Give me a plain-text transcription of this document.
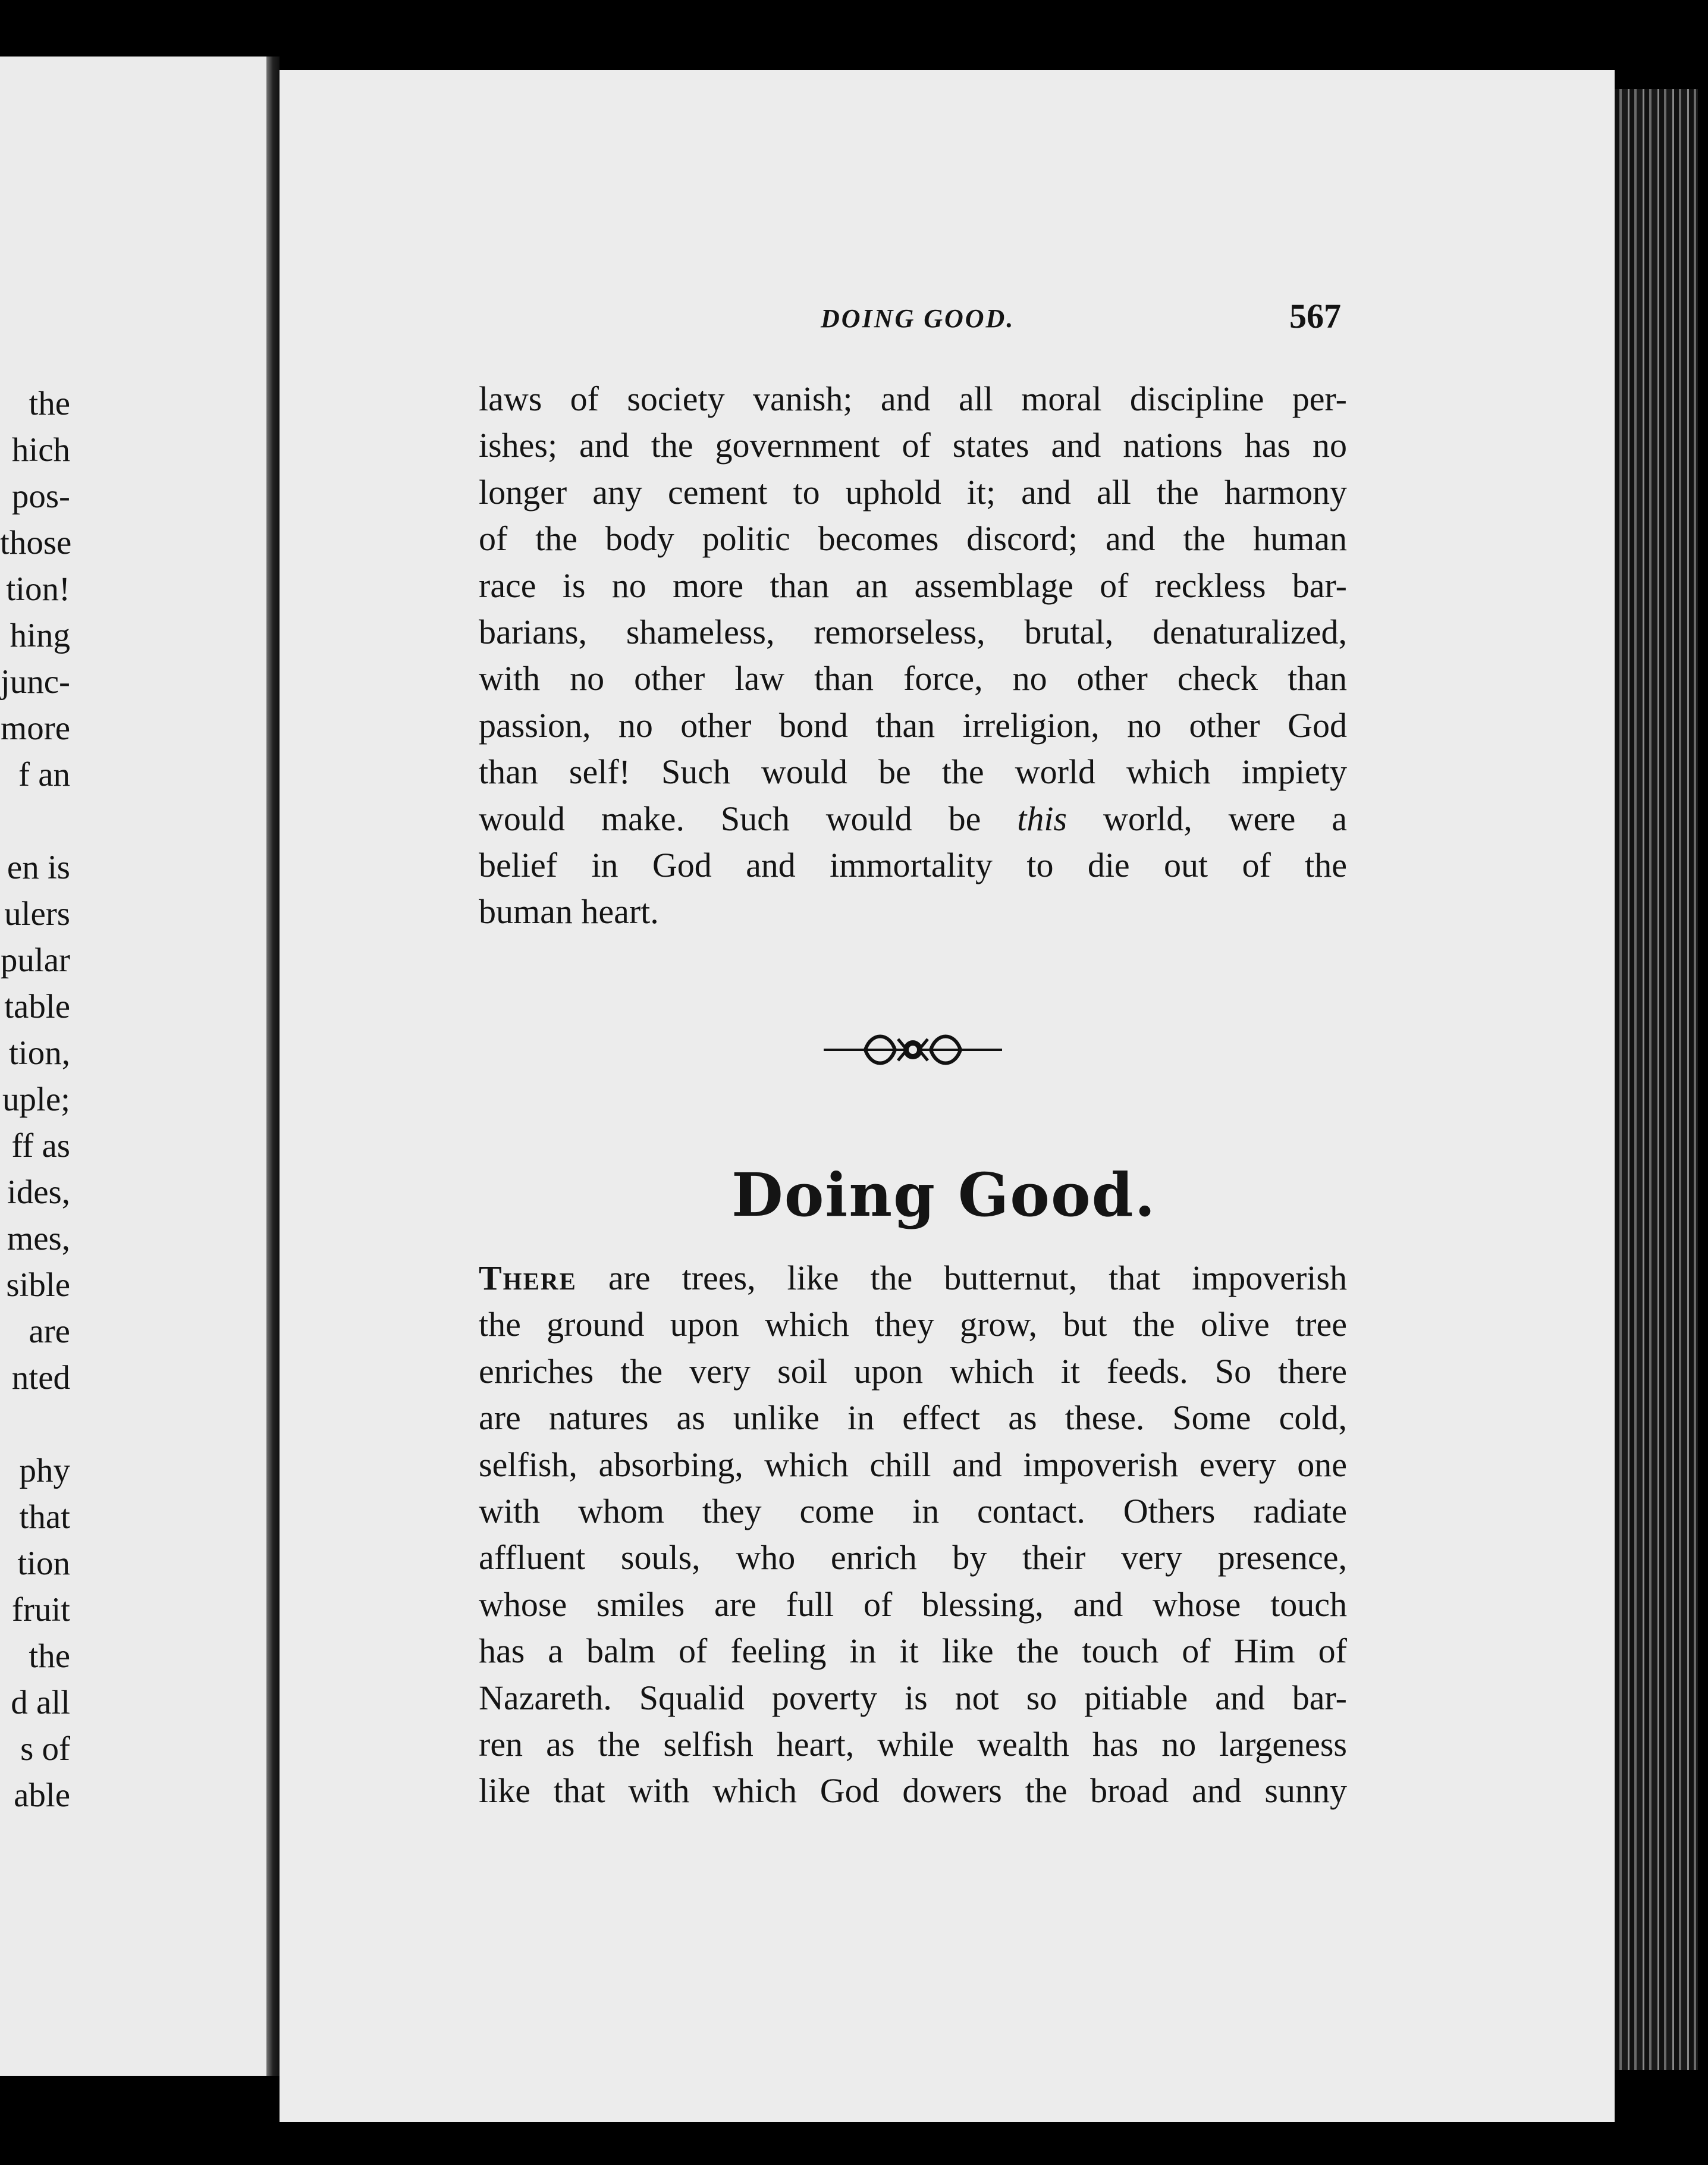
the
hich
pos-
those
tion!
hing
junc-
more
f an
en is
ulers
pular
table
tion,
uple;
ff as
ides,
mes,
sible
are
nted
phy
that
tion
fruit
the
d all
s of
able
DOING GOOD.	567
laws of society vanish; and all moral discipline per-
ishes; and the government of states and nations has no
longer any cement to uphold it; and all the harmony
of the body politic becomes discord; and the human
race is no more than an assemblage of reckless bar-
barians, shameless, remorseless, brutal, denaturalized,
with no other law than force, no other check than
passion, no other bond than irreligion, no other God
than self! Such would be the world which impiety
would make. Such would be this world, were a
belief in God and immortality to die out of the
buman heart.
Doing Good.
There are trees, like the butternut, that impoverish
the ground upon which they grow, but the olive tree
enriches the very soil upon which it feeds. So there
are natures as unlike in effect as these. Some cold,
selfish, absorbing, which chill and impoverish every one
with whom they come in contact. Others radiate
affluent souls, who enrich by their very presence,
whose smiles are full of blessing, and whose touch
has a balm of feeling in it like the touch of Him of
Nazareth. Squalid poverty is not so pitiable and bar-
ren as the selfish heart, while wealth has no largeness
like that with which God dowers the broad and sunny
